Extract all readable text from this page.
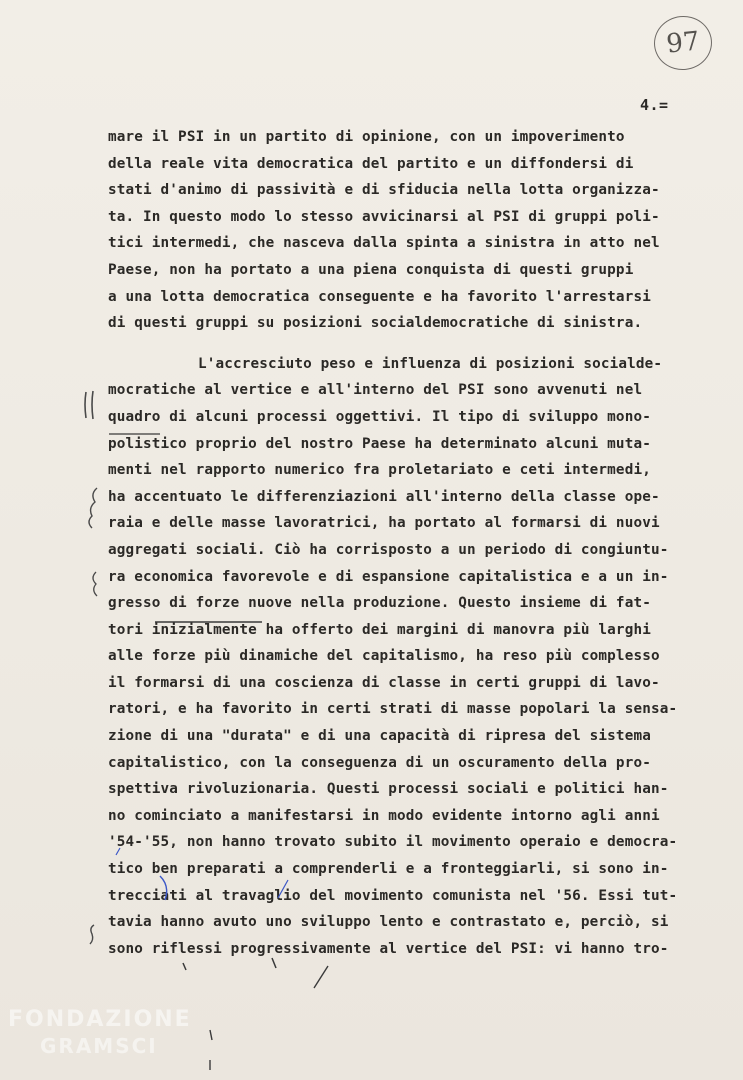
97
4.=
mare il PSI in un partito di opinione, con un impoverimento
della reale vita democratica del partito e un diffondersi di
stati d'animo di passività e di sfiducia nella lotta organizza-
ta. In questo modo lo stesso avvicinarsi al PSI di gruppi poli-
tici intermedi, che nasceva dalla spinta a sinistra in atto nel
Paese, non ha portato a una piena conquista di questi gruppi
a una lotta democratica conseguente e ha favorito l'arrestarsi
di questi gruppi su posizioni socialdemocratiche di sinistra.
L'accresciuto peso e influenza di posizioni socialde-
mocratiche al vertice e all'interno del PSI sono avvenuti nel
quadro di alcuni processi oggettivi. Il tipo di sviluppo mono-
polistico proprio del nostro Paese ha determinato alcuni muta-
menti nel rapporto numerico fra proletariato e ceti intermedi,
ha accentuato le differenziazioni all'interno della classe ope-
raia e delle masse lavoratrici, ha portato al formarsi di nuovi
aggregati sociali. Ciò ha corrisposto a un periodo di congiuntu-
ra economica favorevole e di espansione capitalistica e a un in-
gresso di forze nuove nella produzione. Questo insieme di fat-
tori inizialmente ha offerto dei margini di manovra più larghi
alle forze più dinamiche del capitalismo, ha reso più complesso
il formarsi di una coscienza di classe in certi gruppi di lavo-
ratori, e ha favorito in certi strati di masse popolari la sensa-
zione di una "durata" e di una capacità di ripresa del sistema
capitalistico, con la conseguenza di un oscuramento della pro-
spettiva rivoluzionaria. Questi processi sociali e politici han-
no cominciato a manifestarsi in modo evidente intorno agli anni
'54-'55, non hanno trovato subito il movimento operaio e democra-
tico ben preparati a comprenderli e a fronteggiarli, si sono in-
trecciati al travaglio del movimento comunista nel '56. Essi tut-
tavia hanno avuto uno sviluppo lento e contrastato e, perciò, si
sono riflessi progressivamente al vertice del PSI: vi hanno tro-
FONDAZIONE
GRAMSCI
